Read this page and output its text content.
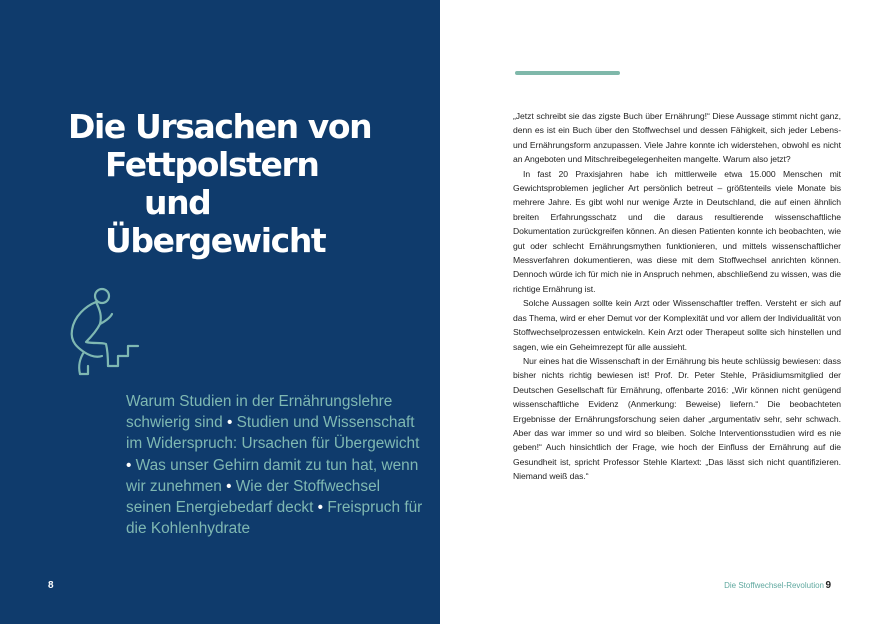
Die Ursachen von
Fettpolstern
und
Übergewicht
Warum Studien in der Ernährungslehre schwierig sind • Studien und Wissenschaft im Widerspruch: Ursachen für Übergewicht • Was unser Gehirn damit zu tun hat, wenn wir zunehmen • Wie der Stoffwechsel seinen Energiebedarf deckt • Freispruch für die Kohlenhydrate
8

„Jetzt schreibt sie das zigste Buch über Ernährung!“ Diese Aussage stimmt nicht ganz, denn es ist ein Buch über den Stoffwechsel und dessen Fähigkeit, sich jeder Lebens- und Ernährungsform anzupassen. Viele Jahre konnte ich widerstehen, obwohl es nicht an Angeboten und Mitschreibegelegenheiten mangelte. Warum also jetzt?

In fast 20 Praxisjahren habe ich mittlerweile etwa 15.000 Menschen mit Gewichtsproblemen jeglicher Art persönlich betreut – größtenteils viele Monate bis mehrere Jahre. Es gibt wohl nur wenige Ärzte in Deutschland, die auf einen ähnlich breiten Erfahrungsschatz und die daraus resultierende wissenschaftliche Dokumentation zurückgreifen können. An diesen Patienten konnte ich beobachten, wie gut oder schlecht Ernährungsmythen funktionieren, und mittels wissenschaftlicher Messverfahren dokumentieren, was diese mit dem Stoffwechsel anrichten können. Dennoch würde ich für mich nie in Anspruch nehmen, abschließend zu wissen, was die richtige Ernährung ist.

Solche Aussagen sollte kein Arzt oder Wissenschaftler treffen. Versteht er sich auf das Thema, wird er eher Demut vor der Komplexität und vor allem der Individualität von Stoffwechselprozessen entwickeln. Kein Arzt oder Therapeut sollte sich hinstellen und sagen, wie ein Geheimrezept für alle aussieht.

Nur eines hat die Wissenschaft in der Ernährung bis heute schlüssig bewiesen: dass bisher nichts richtig bewiesen ist! Prof. Dr. Peter Stehle, Präsidiumsmitglied der Deutschen Gesellschaft für Ernährung, offenbarte 2016: „Wir können nicht genügend wissenschaftliche Evidenz (Anmerkung: Beweise) liefern.“ Die beobachteten Ergebnisse der Ernährungsforschung seien daher „argumentativ sehr, sehr schwach. Aber das war immer so und wird so bleiben. Solche Interventionsstudien wird es nie geben!“ Auch hinsichtlich der Frage, wie hoch der Einfluss der Ernährung auf die Gesundheit ist, spricht Professor Stehle Klartext: „Das lässt sich nicht quantifizieren. Niemand weiß das.“

Die Stoffwechsel-Revolution 9
